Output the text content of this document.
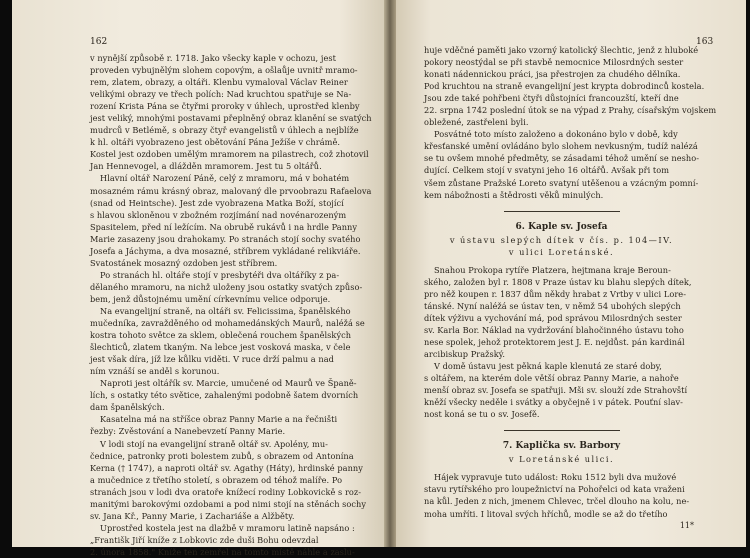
162
v nynější způsobě r. 1718. Jako všecky kaple v ochozu, jest
proveden vybujnělým slohem copovým, a ošlaůje uvnitř mramo-
rem, zlatem, obrazy, a oltáři. Klenbu vymaloval Václav Reiner
velikými obrazy ve třech polích: Nad kruchtou spatřuje se Na-
rození Krista Pána se čtyřmi proroky v úhlech, uprostřed klenby
jest veliký, mnohými postavami přeplněný obraz klanění se svatých
mudrců v Betlémě, s obrazy čtyř evangelistů v úhlech a nejblíže
k hl. oltáři vyobrazeno jest obětování Pána Ježíše v chrámě.
Kostel jest ozdoben umělým mramorem na pilastrech, což zhotovil
Jan Hennevogel, a dlážděn mramorem. Jest tu 5 oltářů.
Hlavní oltář Narození Páně, celý z mramoru, má v bohatém
mosazném rámu krásný obraz, malovaný dle prvoobrazu Rafaelova
(snad od Heintsche). Jest zde vyobrazena Matka Boží, stojící
s hlavou skloněnou v zbožném rozjímání nad novénarozeným
Spasitelem, před ní ležícím. Na obrubě rukávů i na hrdle Panny
Marie zasazeny jsou drahokamy. Po stranách stojí sochy svatého
Josefa a Jáchyma, a dva mosazné, stříbrem vykládané relikviáře.
Svatostánek mosazný ozdoben jest stříbrem.
Po stranách hl. oltáře stojí v presbytéři dva oltáříky z pa-
dělaného mramoru, na nichž uloženy jsou ostatky svatých způso-
bem, jenž důstojnému umění církevnímu velice odporuje.
Na evangelijní straně, na oltáři sv. Felicissima, španělského
mučedníka, zavražděného od mohamedánských Maurů, naléžá se
kostra tohoto světce za sklem, oblečená rouchem španělských
šlechticů, zlatem tkaným. Na lebce jest vosková maska, v čele
jest však díra, jíž lze kůlku viděti. V ruce drží palmu a nad
ním vznáší se anděl s korunou.
Naproti jest oltářík sv. Marcie, umučené od Maurů ve Španě-
lích, s ostatky této světice, zahalenými podobně šatem dvorních
dam španělských.
Kasatelna má na stříšce obraz Panny Marie a na řečništi
řezby: Zvěstování a Nanebevzetí Panny Marie.
V lodi stojí na evangelijní straně oltář sv. Apolény, mu-
čednice, patronky proti bolestem zubů, s obrazem od Antonína
Kerna († 1747), a naproti oltář sv. Agathy (Háty), hrdinské panny
a mučednice z třetího století, s obrazem od téhož malíře. Po
stranách jsou v lodi dva oratoře knížecí rodiny Lobkovickě s roz-
manitými barokovými ozdobami a pod nimi stojí na stěnách sochy
sv. Jana Kř., Panny Marie, i Zachariáše a Alžběty.
Uprostřed kostela jest na dlažbě v mramoru latině napsáno :
„Františk Jiří kníže z Lobkovic zde duši Bohu odevzdal
2. února 1858." Kníže ten zemřel na tomto místě náhle a zaslu-
163
huje vděčné paměti jako vzorný katolický šlechtic, jenž z hluboké
pokory neostýdal se při stavbě nemocnice Milosrdných sester
konati nádennickou práci, jsa přestrojen za chudého dělníka.
Pod kruchtou na straně evangelijní jest krypta dobrodinců kostela.
Jsou zde také pohřbeni čtyři důstojníci francouzští, kteří dne
22. srpna 1742 poslední útok se na výpad z Prahy, císařským vojskem
obležené, zastřeleni byli.
Posvátné toto místo založeno a dokonáno bylo v době, kdy
křesťanské umění ovládáno bylo slohem nevkusným, tudíž nalézá
se tu ovšem mnohé předměty, se zásadami téhož umění se nesho-
dující. Celkem stojí v svatyni jeho 16 oltářů. Avšak při tom
všem zůstane Pražské Loreto svatyní utěšenou a vzácným pomní-
kem nábožnosti a štědrosti věků minulých.
6. Kaple sv. Josefa
v ústavu slepých dítek v čís. p. 104—IV.
v ulici Loretánské.
Snahou Prokopa rytíře Platzera, hejtmana kraje Beroun-
ského, založen byl r. 1808 v Praze ústav ku blahu slepých dítek,
pro něž koupen r. 1837 dům někdy hrabat z Vrtby v ulici Lore-
tánské. Nyní naléžá se ústav ten, v němž 54 ubohých slepých
dítek výživu a vychování má, pod správou Milosrdných sester
sv. Karla Bor. Náklad na vydržování blahočinného ústavu toho
nese spolek, jehož protektorem jest J. E. nejdůst. pán kardinál
arcibiskup Pražský.
V domě ústavu jest pěkná kaple klenutá ze staré doby,
s oltářem, na kterém dole větší obraz Panny Marie, a nahoře
menší obraz sv. Josefa se spatřuji. Mši sv. slouží zde Strahovští
kněží všecky neděle i svátky a obyčejně i v pátek. Pouťní slav-
nost koná se tu o sv. Josefě.
7. Kaplička sv. Barbory
v Loretánské ulici.
Hájek vypravuje tuto událost: Roku 1512 byli dva mužové
stavu rytířského pro loupežnictví na Pohořelci od kata vraženi
na kůl. Jeden z nich, jmenem Chlevec, trčel dlouho na kolu, ne-
moha umříti. I litoval svých hříchů, modle se až do třetího
11*
